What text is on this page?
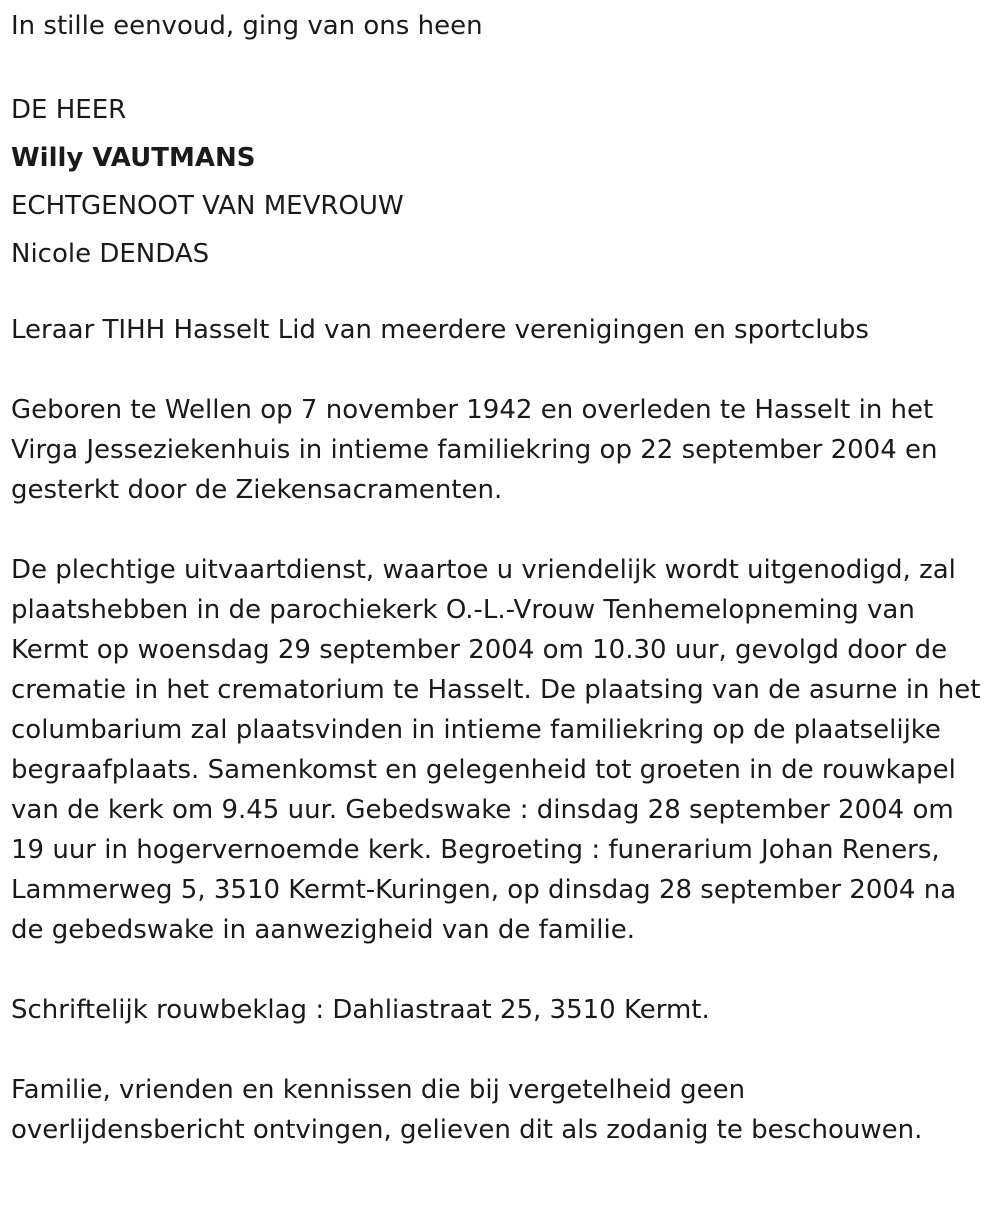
In stille eenvoud, ging van ons heen

DE HEER

Willy VAUTMANS

ECHTGENOOT VAN MEVROUW

Nicole DENDAS

Leraar TIHH Hasselt Lid van meerdere verenigingen en sportclubs

Geboren te Wellen op 7 november 1942 en overleden te Hasselt in het Virga Jesseziekenhuis in intieme familiekring op 22 september 2004 en gesterkt door de Ziekensacramenten.

De plechtige uitvaartdienst, waartoe u vriendelijk wordt uitgenodigd, zal plaatshebben in de parochiekerk O.-L.-Vrouw Tenhemelopneming van Kermt op woensdag 29 september 2004 om 10.30 uur, gevolgd door de crematie in het crematorium te Hasselt. De plaatsing van de asurne in het columbarium zal plaatsvinden in intieme familiekring op de plaatselijke begraafplaats. Samenkomst en gelegenheid tot groeten in de rouwkapel van de kerk om 9.45 uur. Gebedswake : dinsdag 28 september 2004 om 19 uur in hogervernoemde kerk. Begroeting : funerarium Johan Reners, Lammerweg 5, 3510 Kermt-Kuringen, op dinsdag 28 september 2004 na de gebedswake in aanwezigheid van de familie.

Schriftelijk rouwbeklag : Dahliastraat 25, 3510 Kermt.

Familie, vrienden en kennissen die bij vergetelheid geen overlijdensbericht ontvingen, gelieven dit als zodanig te beschouwen.
